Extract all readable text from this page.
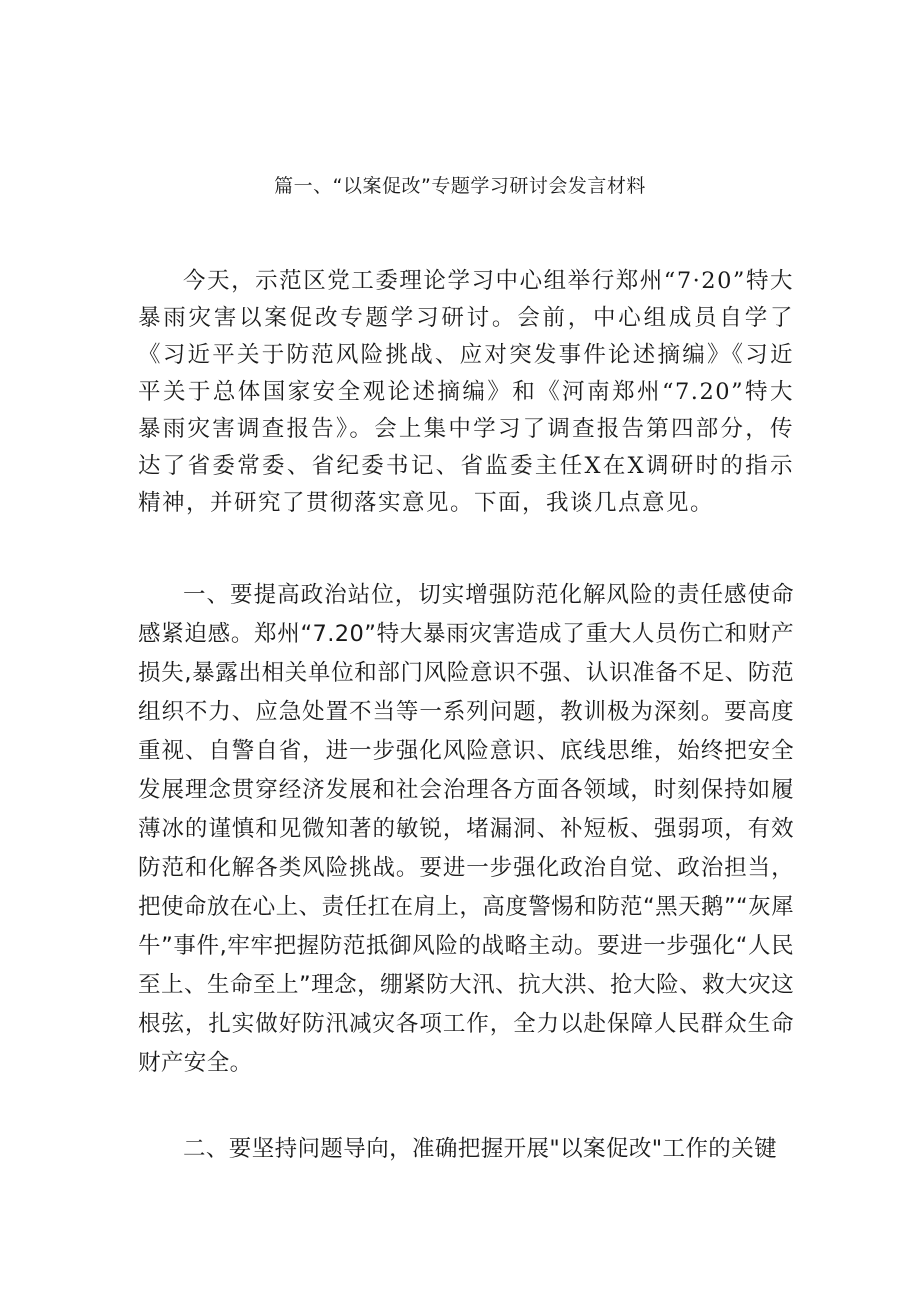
篇一、“以案促改”专题学习研讨会发言材料

今天，示范区党工委理论学习中心组举行郑州“7·20”特大暴雨灾害以案促改专题学习研讨。会前，中心组成员自学了《习近平关于防范风险挑战、应对突发事件论述摘编》《习近平关于总体国家安全观论述摘编》和《河南郑州“7.20”特大暴雨灾害调查报告》。会上集中学习了调查报告第四部分，传达了省委常委、省纪委书记、省监委主任X在X调研时的指示精神，并研究了贯彻落实意见。下面，我谈几点意见。

一、要提高政治站位，切实增强防范化解风险的责任感使命感紧迫感。郑州“7.20”特大暴雨灾害造成了重大人员伤亡和财产损失,暴露出相关单位和部门风险意识不强、认识准备不足、防范组织不力、应急处置不当等一系列问题，教训极为深刻。要高度重视、自警自省，进一步强化风险意识、底线思维，始终把安全发展理念贯穿经济发展和社会治理各方面各领域，时刻保持如履薄冰的谨慎和见微知著的敏锐，堵漏洞、补短板、强弱项，有效防范和化解各类风险挑战。要进一步强化政治自觉、政治担当，把使命放在心上、责任扛在肩上，高度警惕和防范“黑天鹅”“灰犀牛”事件,牢牢把握防范抵御风险的战略主动。要进一步强化“人民至上、生命至上”理念，绷紧防大汛、抗大洪、抢大险、救大灾这根弦，扎实做好防汛减灾各项工作，全力以赴保障人民群众生命财产安全。

二、要坚持问题导向，准确把握开展"以案促改"工作的关键
